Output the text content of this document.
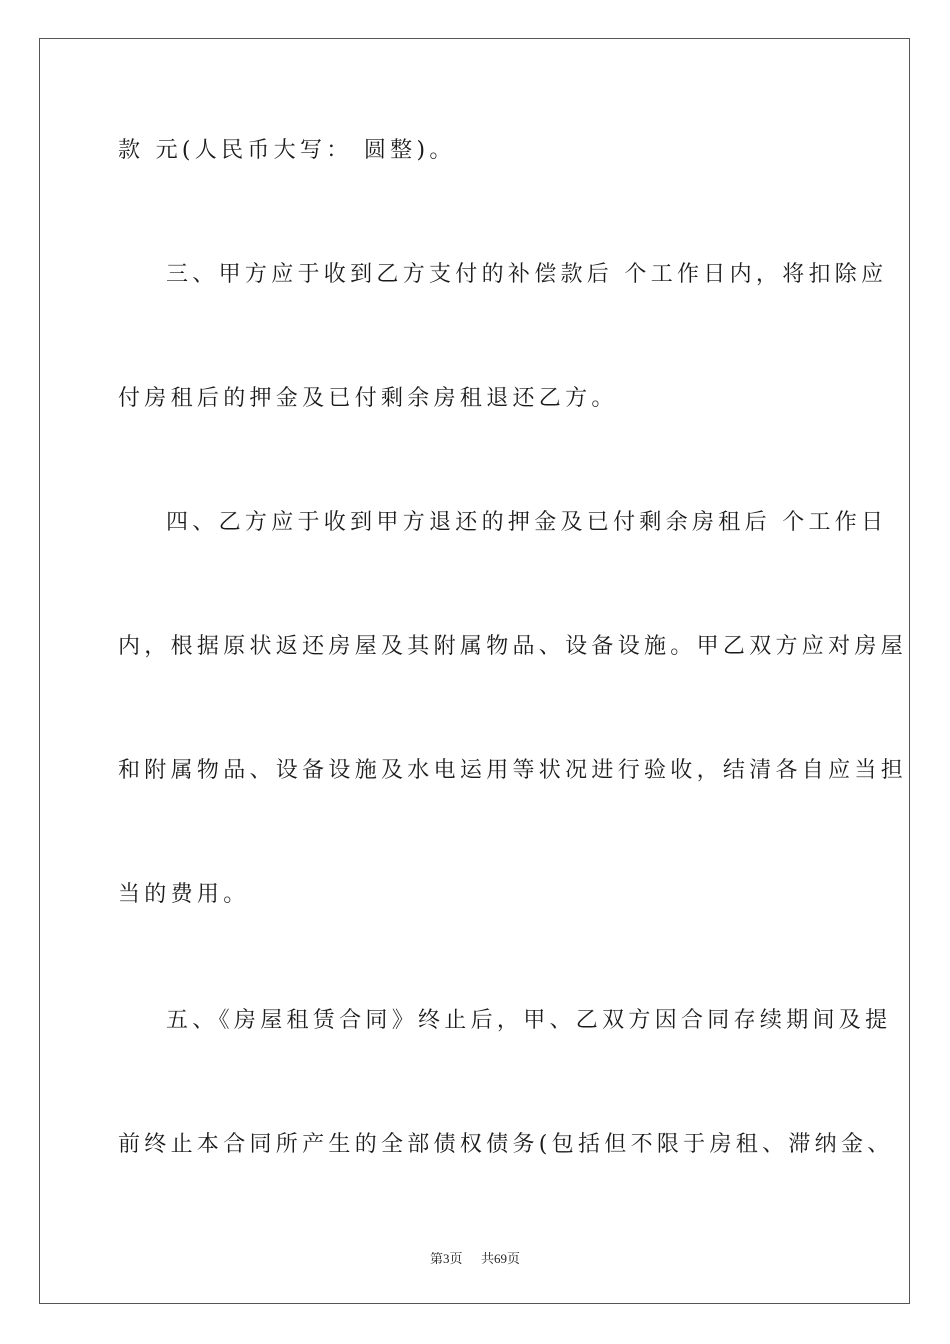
款 元(人民币大写： 圆整)。
三、甲方应于收到乙方支付的补偿款后 个工作日内，将扣除应
付房租后的押金及已付剩余房租退还乙方。
四、乙方应于收到甲方退还的押金及已付剩余房租后 个工作日
内，根据原状返还房屋及其附属物品、设备设施。甲乙双方应对房屋
和附属物品、设备设施及水电运用等状况进行验收，结清各自应当担
当的费用。
五、《房屋租赁合同》终止后，甲、乙双方因合同存续期间及提
前终止本合同所产生的全部债权债务(包括但不限于房租、滞纳金、
第3页 共69页
